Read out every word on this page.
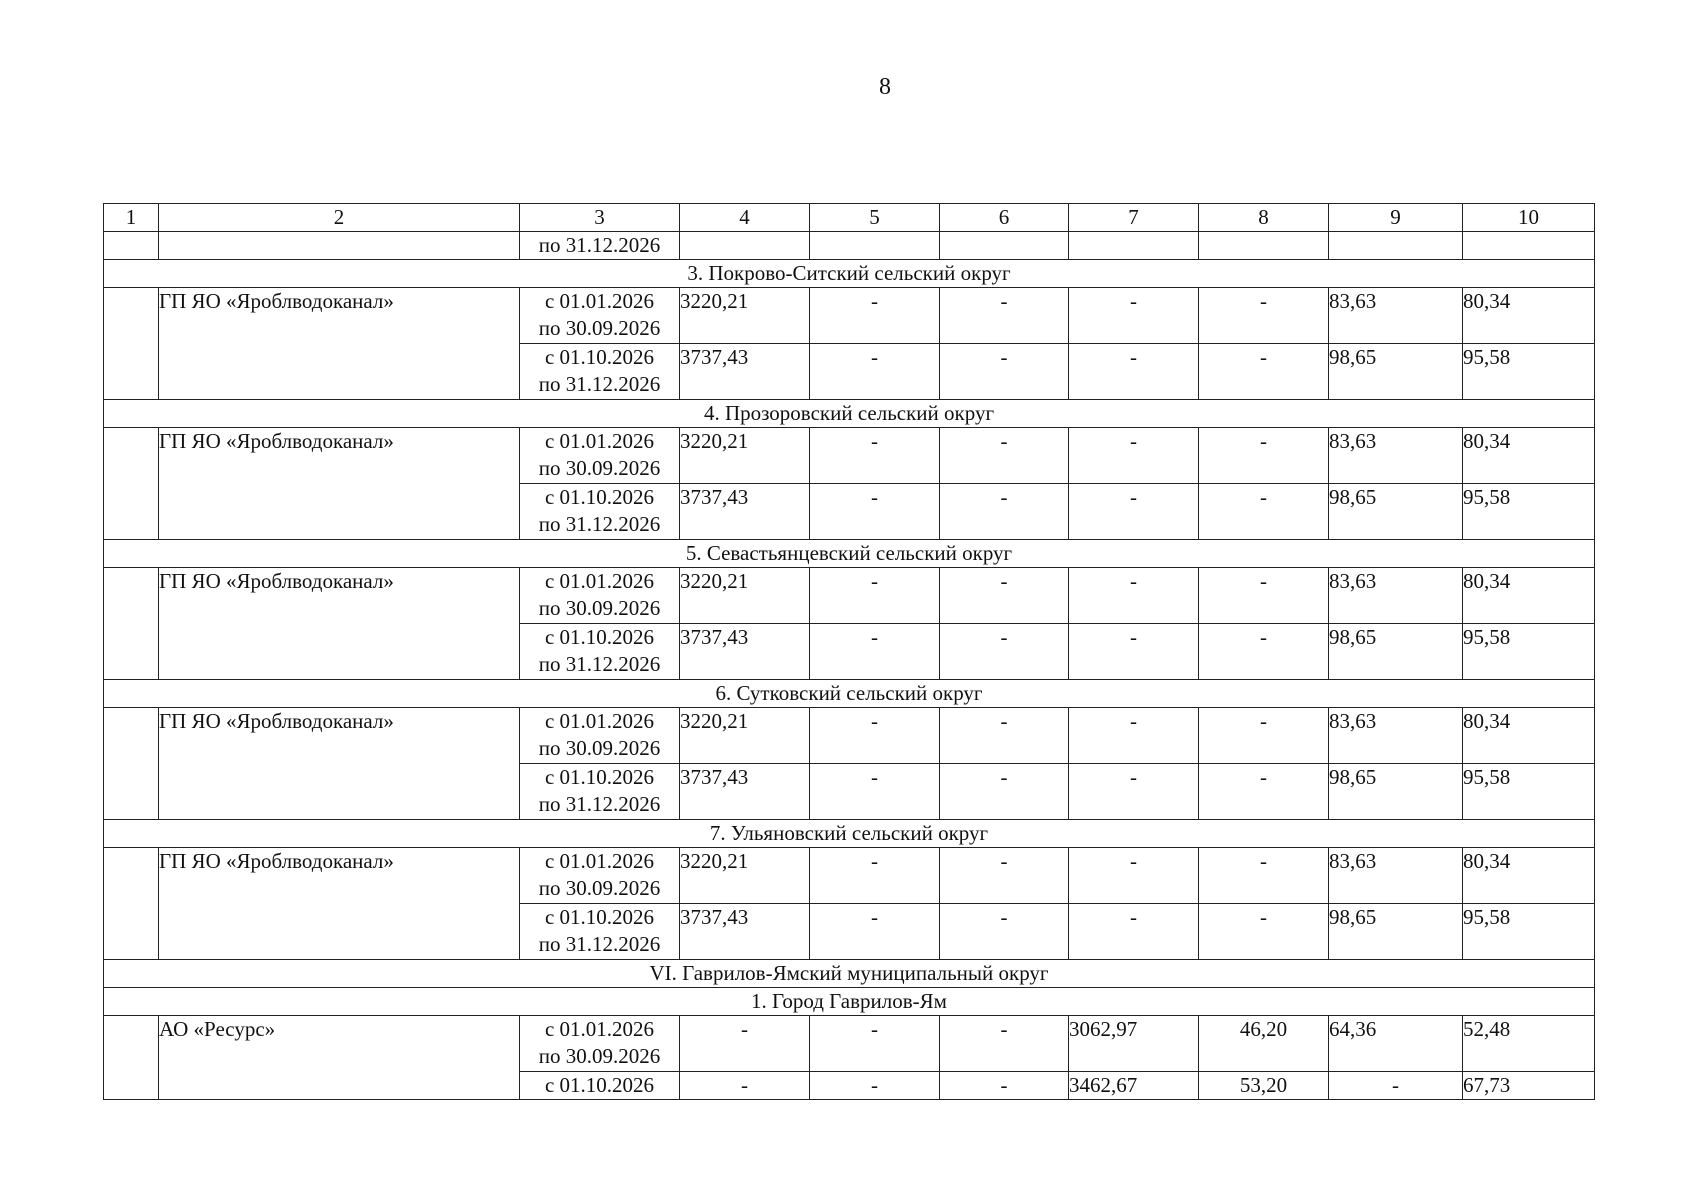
8
1	2	3	4	5	6	7	8	9	10

		по 31.12.2026							

3. Покрово-Ситский сельский округ									
	ГП ЯО «Яроблводоканал»	с 01.01.2026
по 30.09.2026	3220,21	-	-	-	-	83,63	80,34

		с 01.10.2026
по 31.12.2026	3737,43	-	-	-	-	98,65	95,58
4. Прозоровский сельский округ									
	ГП ЯО «Яроблводоканал»	с 01.01.2026
по 30.09.2026	3220,21	-	-	-	-	83,63	80,34

		с 01.10.2026
по 31.12.2026	3737,43	-	-	-	-	98,65	95,58
5. Севастьянцевский сельский округ									
	ГП ЯО «Яроблводоканал»	с 01.01.2026
по 30.09.2026	3220,21	-	-	-	-	83,63	80,34

		с 01.10.2026
по 31.12.2026	3737,43	-	-	-	-	98,65	95,58
6. Сутковский сельский округ									
	ГП ЯО «Яроблводоканал»	с 01.01.2026
по 30.09.2026	3220,21	-	-	-	-	83,63	80,34

		с 01.10.2026
по 31.12.2026	3737,43	-	-	-	-	98,65	95,58
7. Ульяновский сельский округ									
	ГП ЯО «Яроблводоканал»	с 01.01.2026
по 30.09.2026	3220,21	-	-	-	-	83,63	80,34

		с 01.10.2026
по 31.12.2026	3737,43	-	-	-	-	98,65	95,58
VI. Гаврилов-Ямский муниципальный округ									
1. Город Гаврилов-Ям									
	АО «Ресурс»	с 01.01.2026
по 30.09.2026	-	-	-	3062,97	46,20	64,36	52,48

		с 01.10.2026	-	-	-	3462,67	53,20	-	67,73
